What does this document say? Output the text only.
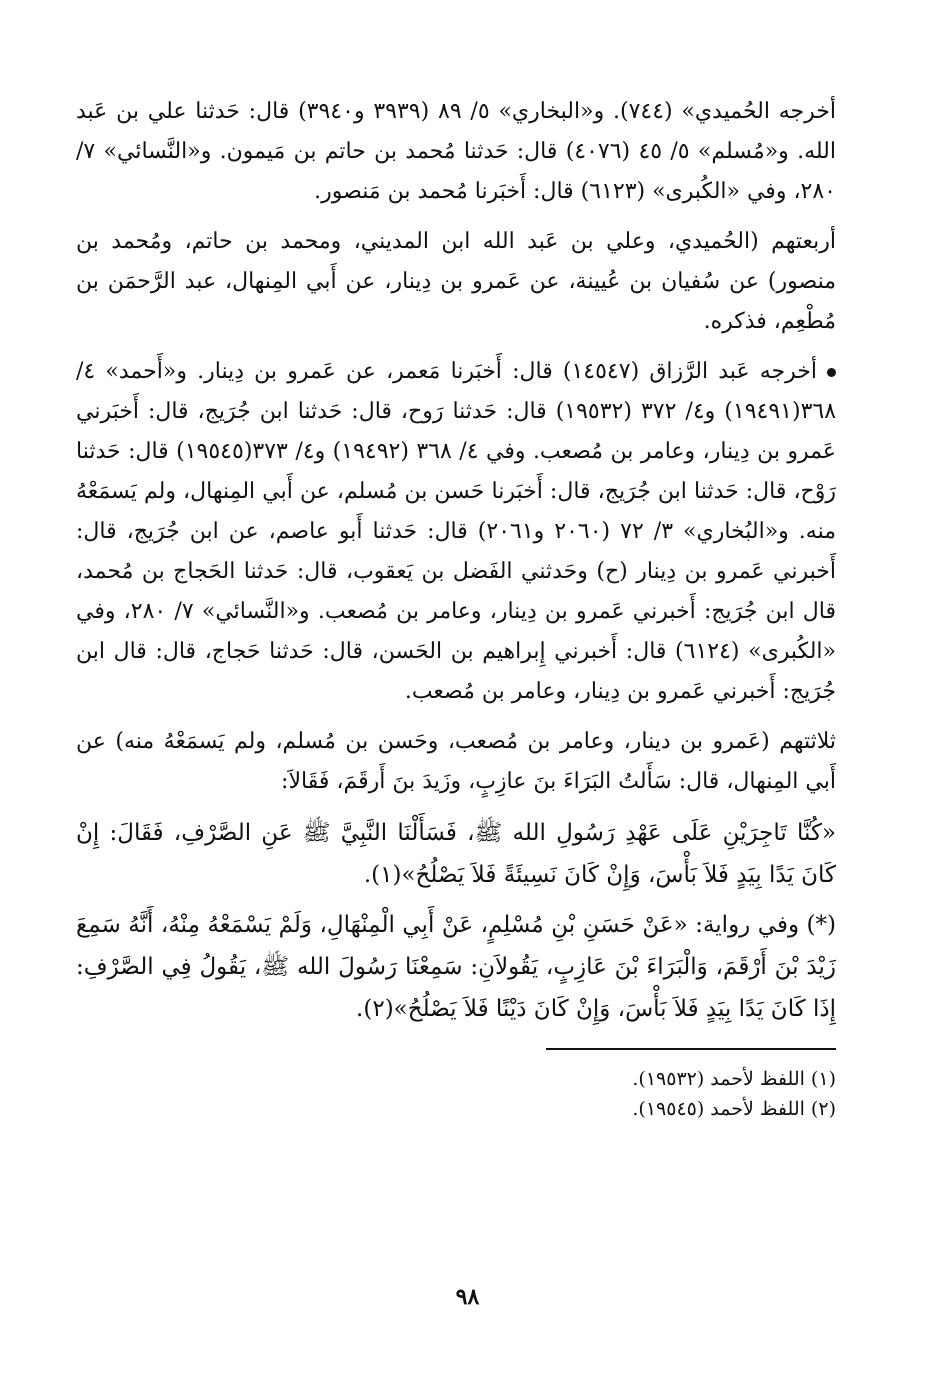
أخرجه الحُميدي» (٧٤٤). و«البخاري» ٥/ ٨٩ (٣٩٣٩ و٣٩٤٠) قال: حَدثنا علي بن عَبد الله. و«مُسلم» ٥/ ٤٥ (٤٠٧٦) قال: حَدثنا مُحمد بن حاتم بن مَيمون. و«النَّسائي» ٧/ ٢٨٠، وفي «الكُبرى» (٦١٢٣) قال: أَخبَرنا مُحمد بن مَنصور.

أربعتهم (الحُميدي، وعلي بن عَبد الله ابن المديني، ومحمد بن حاتم، ومُحمد بن منصور) عن سُفيان بن عُيينة، عن عَمرو بن دِينار، عن أَبي المِنهال، عبد الرَّحمَن بن مُطْعِم، فذكره.

أخرجه عَبد الرَّزاق (١٤٥٤٧) قال: أَخبَرنا مَعمر، عن عَمرو بن دِينار. و«أَحمد» ٤/ ٣٦٨(١٩٤٩١) و٤/ ٣٧٢ (١٩٥٣٢) قال: حَدثنا رَوح، قال: حَدثنا ابن جُرَيج، قال: أَخبَرني عَمرو بن دِينار، وعامر بن مُصعب. وفي ٤/ ٣٦٨ (١٩٤٩٢) و٤/ ٣٧٣(١٩٥٤٥) قال: حَدثنا رَوْح، قال: حَدثنا ابن جُرَيج، قال: أَخبَرنا حَسن بن مُسلم، عن أَبي المِنهال، ولم يَسمَعْهُ منه. و«البُخاري» ٣/ ٧٢ (٢٠٦٠ و٢٠٦١) قال: حَدثنا أَبو عاصم، عن ابن جُرَيج، قال: أَخبرني عَمرو بن دِينار (ح) وحَدثني الفَضل بن يَعقوب، قال: حَدثنا الحَجاج بن مُحمد، قال ابن جُرَيج: أَخبرني عَمرو بن دِينار، وعامر بن مُصعب. و«النَّسائي» ٧/ ٢٨٠، وفي «الكُبرى» (٦١٢٤) قال: أَخبرني إِبراهيم بن الحَسن، قال: حَدثنا حَجاج، قال: قال ابن جُرَيج: أَخبرني عَمرو بن دِينار، وعامر بن مُصعب.

ثلاثتهم (عَمرو بن دينار، وعامر بن مُصعب، وحَسن بن مُسلم، ولم يَسمَعْهُ منه) عن أَبي المِنهال، قال: سَأَلتُ البَرَاءَ بنَ عازِبٍ، وزَيدَ بنَ أَرقَمَ، فَقَالاَ:

«كُنَّا تَاجِرَيْنِ عَلَى عَهْدِ رَسُولِ الله ﷺ، فَسَأَلْنَا النَّبِيَّ ﷺ عَنِ الصَّرْفِ، فَقَالَ: إِنْ كَانَ يَدًا بِيَدٍ فَلاَ بَأْسَ، وَإِنْ كَانَ نَسِيئَةً فَلاَ يَصْلُحُ»(١).

(*) وفي رواية: «عَنْ حَسَنِ بْنِ مُسْلِمٍ، عَنْ أَبِي الْمِنْهَالِ، وَلَمْ يَسْمَعْهُ مِنْهُ، أَنَّهُ سَمِعَ زَيْدَ بْنَ أَرْقَمَ، وَالْبَرَاءَ بْنَ عَازِبٍ، يَقُولاَنِ: سَمِعْنَا رَسُولَ الله ﷺ، يَقُولُ فِي الصَّرْفِ: إِذَا كَانَ يَدًا بِيَدٍ فَلاَ بَأْسَ، وَإِنْ كَانَ دَيْنًا فَلاَ يَصْلُحُ»(٢).

(١) اللفظ لأحمد (١٩٥٣٢).

(٢) اللفظ لأحمد (١٩٥٤٥).

٩٨
